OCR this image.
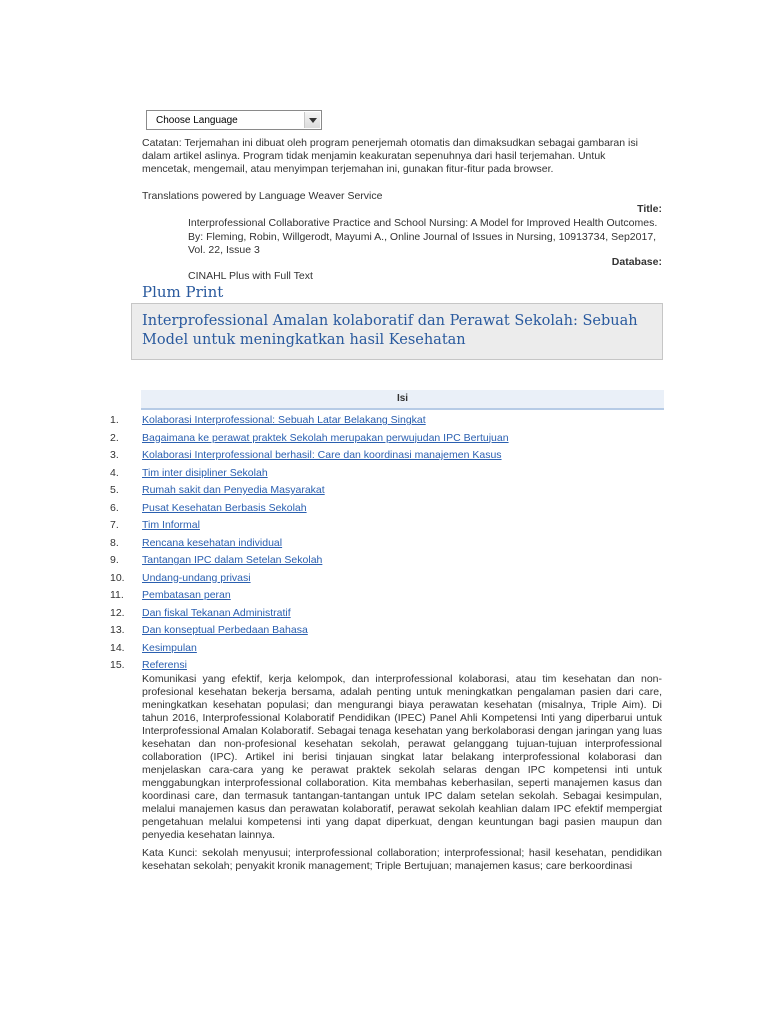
Choose Language
Catatan: Terjemahan ini dibuat oleh program penerjemah otomatis dan dimaksudkan sebagai gambaran isi dalam artikel aslinya. Program tidak menjamin keakuratan sepenuhnya dari hasil terjemahan. Untuk mencetak, mengemail, atau menyimpan terjemahan ini, gunakan fitur-fitur pada browser.
Translations powered by Language Weaver Service
Title:
Interprofessional Collaborative Practice and School Nursing: A Model for Improved Health Outcomes. By: Fleming, Robin, Willgerodt, Mayumi A., Online Journal of Issues in Nursing, 10913734, Sep2017, Vol. 22, Issue 3
Database:
CINAHL Plus with Full Text
Plum Print
Interprofessional Amalan kolaboratif dan Perawat Sekolah: Sebuah Model untuk meningkatkan hasil Kesehatan
Isi
1.	Kolaborasi Interprofessional: Sebuah Latar Belakang Singkat
2.	Bagaimana ke perawat praktek Sekolah merupakan perwujudan IPC Bertujuan
3.	Kolaborasi Interprofessional berhasil: Care dan koordinasi manajemen Kasus
4.	Tim inter disipliner Sekolah
5.	Rumah sakit dan Penyedia Masyarakat
6.	Pusat Kesehatan Berbasis Sekolah
7.	Tim Informal
8.	Rencana kesehatan individual
9.	Tantangan IPC dalam Setelan Sekolah
10.	Undang-undang privasi
11.	Pembatasan peran
12.	Dan fiskal Tekanan Administratif
13.	Dan konseptual Perbedaan Bahasa
14.	Kesimpulan
15.	Referensi

Komunikasi yang efektif, kerja kelompok, dan interprofessional kolaborasi, atau tim kesehatan dan non-profesional kesehatan bekerja bersama, adalah penting untuk meningkatkan pengalaman pasien dari care, meningkatkan kesehatan populasi; dan mengurangi biaya perawatan kesehatan (misalnya, Triple Aim). Di tahun 2016, Interprofessional Kolaboratif Pendidikan (IPEC) Panel Ahli Kompetensi Inti yang diperbarui untuk Interprofessional Amalan Kolaboratif. Sebagai tenaga kesehatan yang berkolaborasi dengan jaringan yang luas kesehatan dan non-profesional kesehatan sekolah, perawat gelanggang tujuan-tujuan interprofessional collaboration (IPC). Artikel ini berisi tinjauan singkat latar belakang interprofessional kolaborasi dan menjelaskan cara-cara yang ke perawat praktek sekolah selaras dengan IPC kompetensi inti untuk menggabungkan interprofessional collaboration. Kita membahas keberhasilan, seperti manajemen kasus dan koordinasi care, dan termasuk tantangan-tantangan untuk IPC dalam setelan sekolah. Sebagai kesimpulan, melalui manajemen kasus dan perawatan kolaboratif, perawat sekolah keahlian dalam IPC efektif mempergiat pengetahuan melalui kompetensi inti yang dapat diperkuat, dengan keuntungan bagi pasien maupun dan penyedia kesehatan lainnya.

Kata Kunci: sekolah menyusui; interprofessional collaboration; interprofessional; hasil kesehatan, pendidikan kesehatan sekolah; penyakit kronik management; Triple Bertujuan; manajemen kasus; care berkoordinasi
